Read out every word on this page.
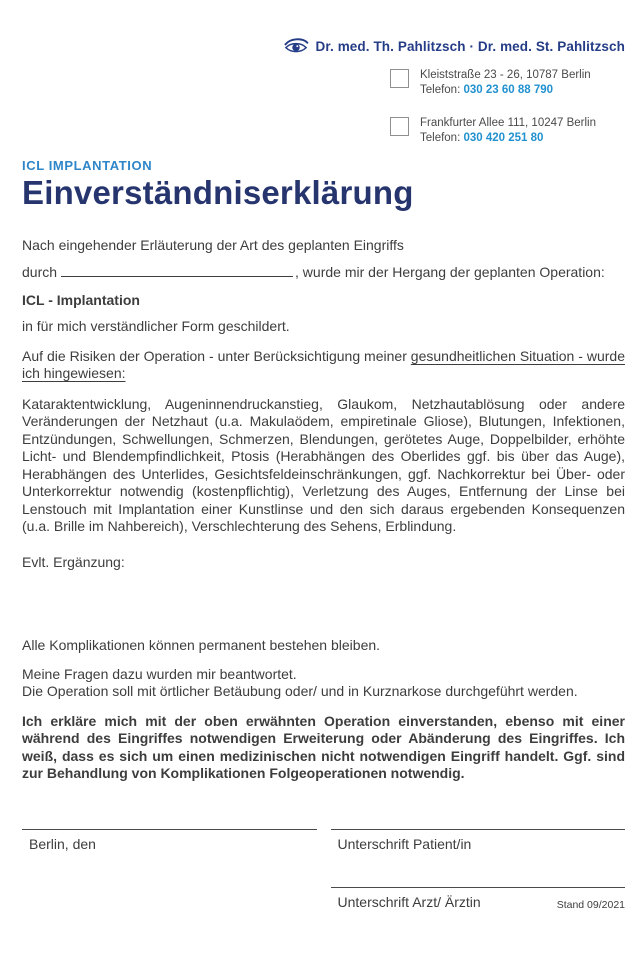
Dr. med. Th. Pahlitzsch · Dr. med. St. Pahlitzsch
Kleiststraße 23 - 26, 10787 Berlin
Telefon: 030 23 60 88 790
Frankfurter Allee 111, 10247 Berlin
Telefon: 030 420 251 80
ICL IMPLANTATION
Einverständniserklärung

Nach eingehender Erläuterung der Art des geplanten Eingriffs

durch	, wurde mir der Hergang der geplanten Operation:

ICL - Implantation

in für mich verständlicher Form geschildert.

Auf die Risiken der Operation - unter Berücksichtigung meiner gesundheitlichen Situation - wurde ich hingewiesen:

Kataraktentwicklung, Augeninnendruckanstieg, Glaukom, Netzhautablösung oder andere Veränderungen der Netzhaut (u.a. Makulaödem, empiretinale Gliose), Blutungen, Infektionen, Entzündungen, Schwellungen, Schmerzen, Blendungen, gerötetes Auge, Doppelbilder, erhöhte Licht- und Blendempfindlichkeit, Ptosis (Herabhängen des Oberlides ggf. bis über das Auge), Herabhängen des Unterlides, Gesichtsfeldeinschränkungen, ggf. Nachkorrektur bei Über- oder Unterkorrektur notwendig (kostenpflichtig), Verletzung des Auges, Entfernung der Linse bei Lenstouch mit Implantation einer Kunstlinse und den sich daraus ergebenden Konsequenzen (u.a. Brille im Nahbereich), Verschlechterung des Sehens, Erblindung.

Evlt. Ergänzung:

Alle Komplikationen können permanent bestehen bleiben.

Meine Fragen dazu wurden mir beantwortet.
Die Operation soll mit örtlicher Betäubung oder/ und in Kurznarkose durchgeführt werden.

Ich erkläre mich mit der oben erwähnten Operation einverstanden, ebenso mit einer während des Eingriffes notwendigen Erweiterung oder Abänderung des Eingriffes. Ich weiß, dass es sich um einen medizinischen nicht notwendigen Eingriff handelt. Ggf. sind zur Behandlung von Komplikationen Folgeoperationen notwendig.

Berlin, den	Unterschrift Patient/in
Unterschrift Arzt/ Ärztin	Stand 09/2021
